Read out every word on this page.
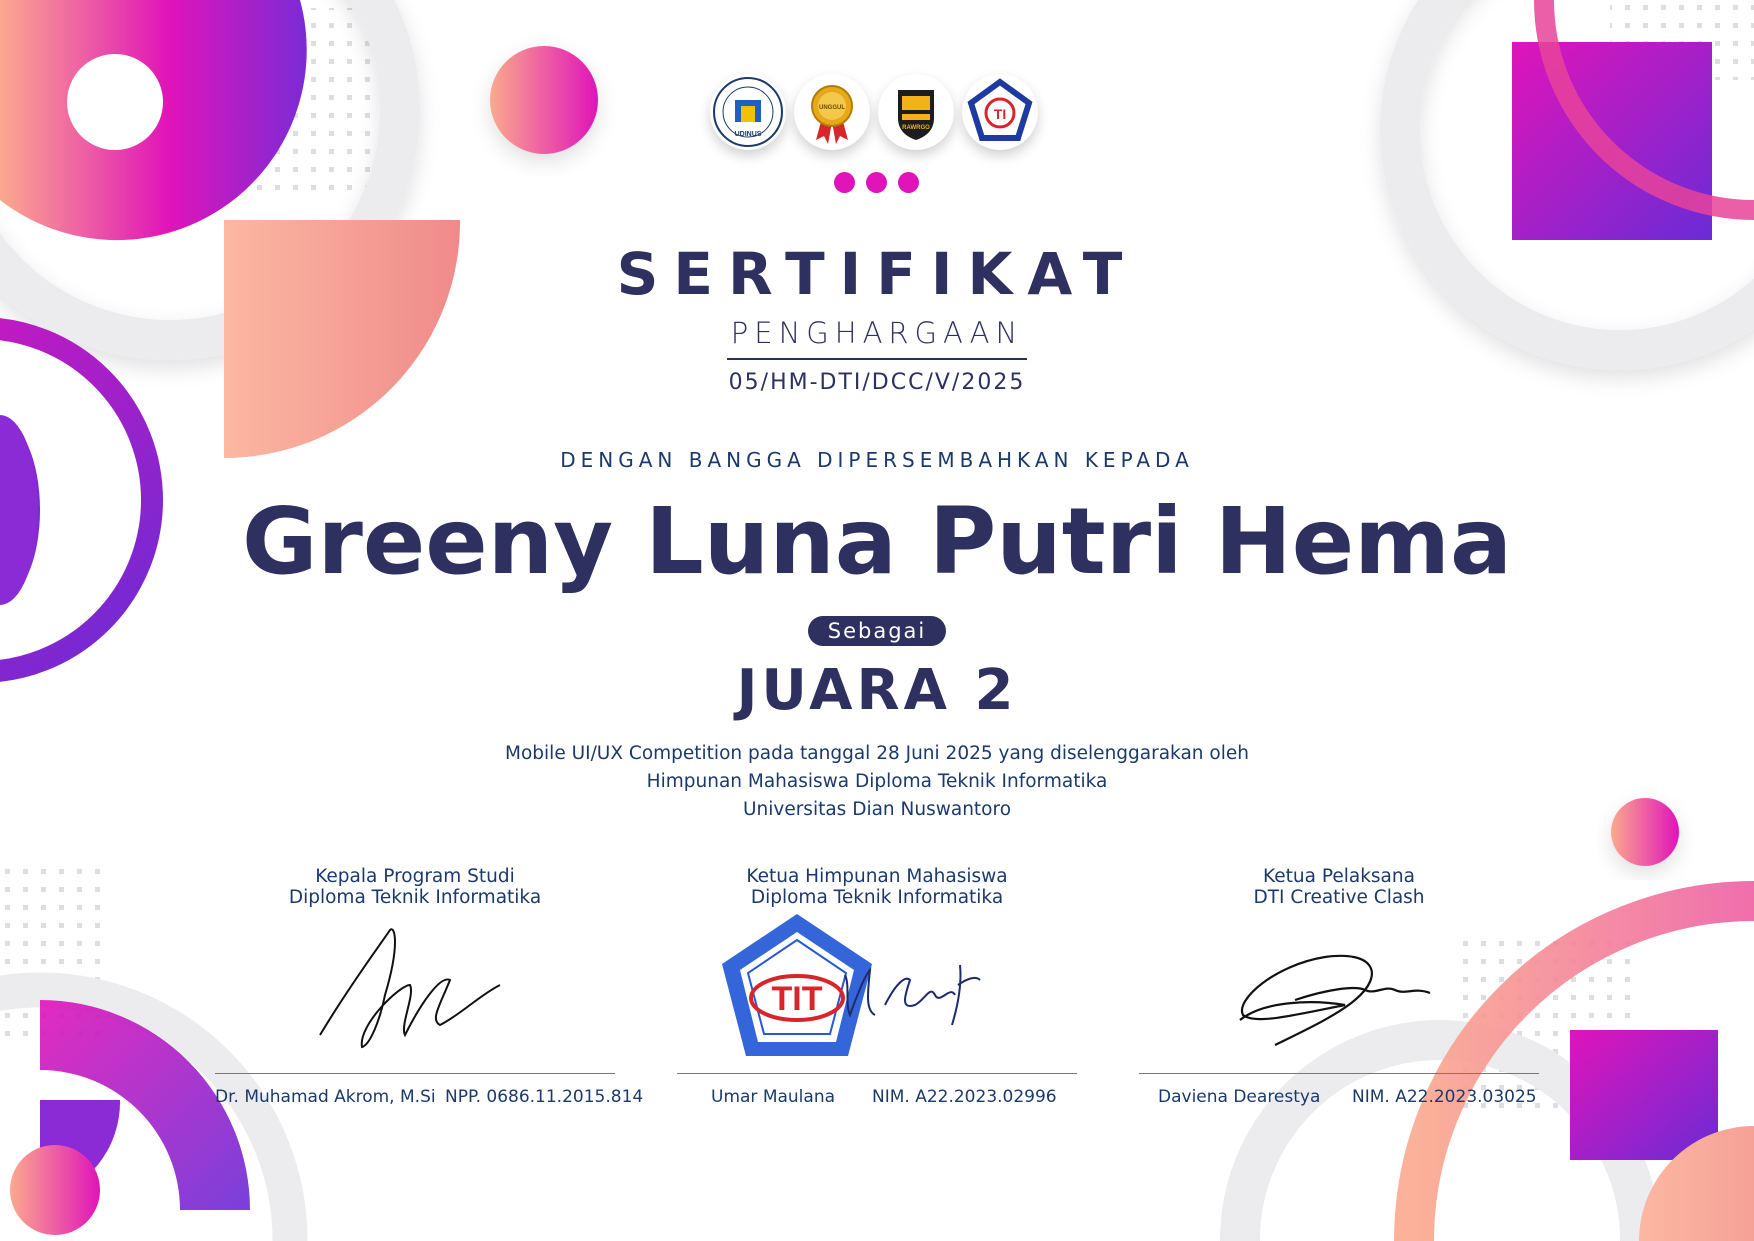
UDINUS
UNGGUL
RAWRGO
TI
SERTIFIKAT
PENGHARGAAN
05/HM-DTI/DCC/V/2025
DENGAN BANGGA DIPERSEMBAHKAN KEPADA
Greeny Luna Putri Hema
Sebagai
JUARA 2
Mobile UI/UX Competition pada tanggal 28 Juni 2025 yang diselenggarakan oleh
Himpunan Mahasiswa Diploma Teknik Informatika
Universitas Dian Nuswantoro
Kepala Program Studi
Diploma Teknik Informatika
Dr. Muhamad Akrom, M.Si NPP. 0686.11.2015.814
Ketua Himpunan Mahasiswa
Diploma Teknik Informatika
TIT
Umar Maulana NIM. A22.2023.02996
Ketua Pelaksana
DTI Creative Clash
Daviena Dearestya NIM. A22.2023.03025
